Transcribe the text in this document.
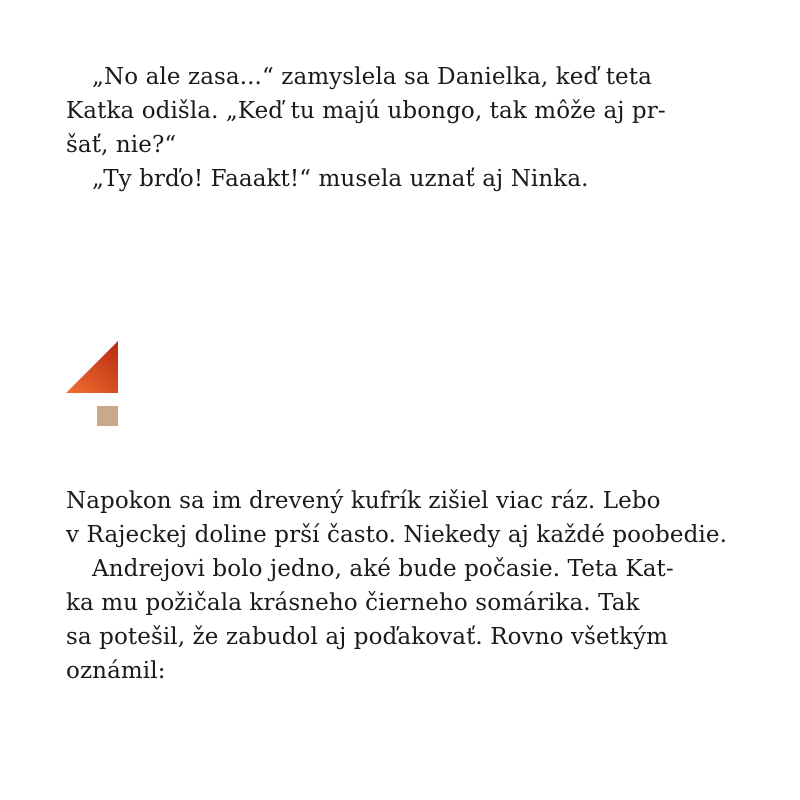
„No ale zasa...“ zamyslela sa Danielka, keď teta
Katka odišla. „Keď tu majú ubongo, tak môže aj pr-
šať, nie?“
„Ty brďo! Faaakt!“ musela uznať aj Ninka.
Napokon sa im drevený kufrík zišiel viac ráz. Lebo
v Rajeckej doline prší často. Niekedy aj každé poobedie.
Andrejovi bolo jedno, aké bude počasie. Teta Kat-
ka mu požičala krásneho čierneho somárika. Tak
sa potešil, že zabudol aj poďakovať. Rovno všetkým
oznámil:
